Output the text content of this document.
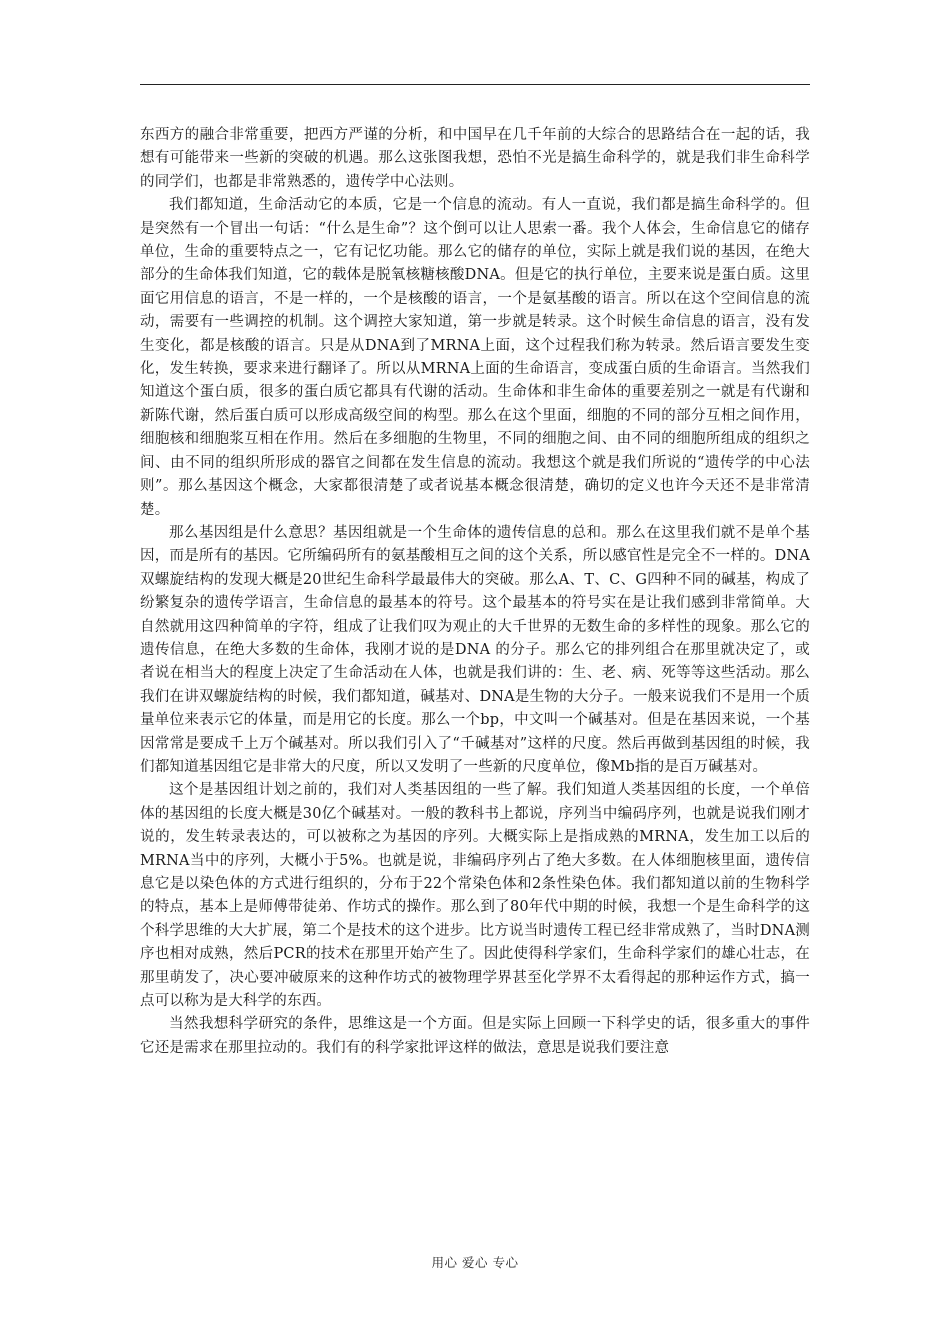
东西方的融合非常重要，把西方严谨的分析，和中国早在几千年前的大综合的思路结合在一起的话，我想有可能带来一些新的突破的机遇。那么这张图我想，恐怕不光是搞生命科学的，就是我们非生命科学的同学们，也都是非常熟悉的，遗传学中心法则。

我们都知道，生命活动它的本质，它是一个信息的流动。有人一直说，我们都是搞生命科学的。但是突然有一个冒出一句话：“什么是生命”？这个倒可以让人思索一番。我个人体会，生命信息它的储存单位，生命的重要特点之一，它有记忆功能。那么它的储存的单位，实际上就是我们说的基因，在绝大部分的生命体我们知道，它的载体是脱氧核糖核酸DNA。但是它的执行单位，主要来说是蛋白质。这里面它用信息的语言，不是一样的，一个是核酸的语言，一个是氨基酸的语言。所以在这个空间信息的流动，需要有一些调控的机制。这个调控大家知道，第一步就是转录。这个时候生命信息的语言，没有发生变化，都是核酸的语言。只是从DNA到了MRNA上面，这个过程我们称为转录。然后语言要发生变化，发生转换，要求来进行翻译了。所以从MRNA上面的生命语言，变成蛋白质的生命语言。当然我们知道这个蛋白质，很多的蛋白质它都具有代谢的活动。生命体和非生命体的重要差别之一就是有代谢和新陈代谢，然后蛋白质可以形成高级空间的构型。那么在这个里面，细胞的不同的部分互相之间作用，细胞核和细胞浆互相在作用。然后在多细胞的生物里，不同的细胞之间、由不同的细胞所组成的组织之间、由不同的组织所形成的器官之间都在发生信息的流动。我想这个就是我们所说的“遗传学的中心法则”。那么基因这个概念，大家都很清楚了或者说基本概念很清楚，确切的定义也许今天还不是非常清楚。

那么基因组是什么意思？基因组就是一个生命体的遗传信息的总和。那么在这里我们就不是单个基因，而是所有的基因。它所编码所有的氨基酸相互之间的这个关系，所以感官性是完全不一样的。DNA双螺旋结构的发现大概是20世纪生命科学最最伟大的突破。那么A、T、C、G四种不同的碱基，构成了纷繁复杂的遗传学语言，生命信息的最基本的符号。这个最基本的符号实在是让我们感到非常简单。大自然就用这四种简单的字符，组成了让我们叹为观止的大千世界的无数生命的多样性的现象。那么它的遗传信息，在绝大多数的生命体，我刚才说的是DNA 的分子。那么它的排列组合在那里就决定了，或者说在相当大的程度上决定了生命活动在人体，也就是我们讲的：生、老、病、死等等这些活动。那么我们在讲双螺旋结构的时候，我们都知道，碱基对、DNA是生物的大分子。一般来说我们不是用一个质量单位来表示它的体量，而是用它的长度。那么一个bp，中文叫一个碱基对。但是在基因来说，一个基因常常是要成千上万个碱基对。所以我们引入了“千碱基对”这样的尺度。然后再做到基因组的时候，我们都知道基因组它是非常大的尺度，所以又发明了一些新的尺度单位，像Mb指的是百万碱基对。

这个是基因组计划之前的，我们对人类基因组的一些了解。我们知道人类基因组的长度，一个单倍体的基因组的长度大概是30亿个碱基对。一般的教科书上都说，序列当中编码序列，也就是说我们刚才说的，发生转录表达的，可以被称之为基因的序列。大概实际上是指成熟的MRNA，发生加工以后的MRNA当中的序列，大概小于5%。也就是说，非编码序列占了绝大多数。在人体细胞核里面，遗传信息它是以染色体的方式进行组织的，分布于22个常染色体和2条性染色体。我们都知道以前的生物科学的特点，基本上是师傅带徒弟、作坊式的操作。那么到了80年代中期的时候，我想一个是生命科学的这个科学思维的大大扩展，第二个是技术的这个进步。比方说当时遗传工程已经非常成熟了，当时DNA测序也相对成熟，然后PCR的技术在那里开始产生了。因此使得科学家们，生命科学家们的雄心壮志，在那里萌发了，决心要冲破原来的这种作坊式的被物理学界甚至化学界不太看得起的那种运作方式，搞一点可以称为是大科学的东西。

当然我想科学研究的条件，思维这是一个方面。但是实际上回顾一下科学史的话，很多重大的事件它还是需求在那里拉动的。我们有的科学家批评这样的做法，意思是说我们要注意

用心 爱心 专心
